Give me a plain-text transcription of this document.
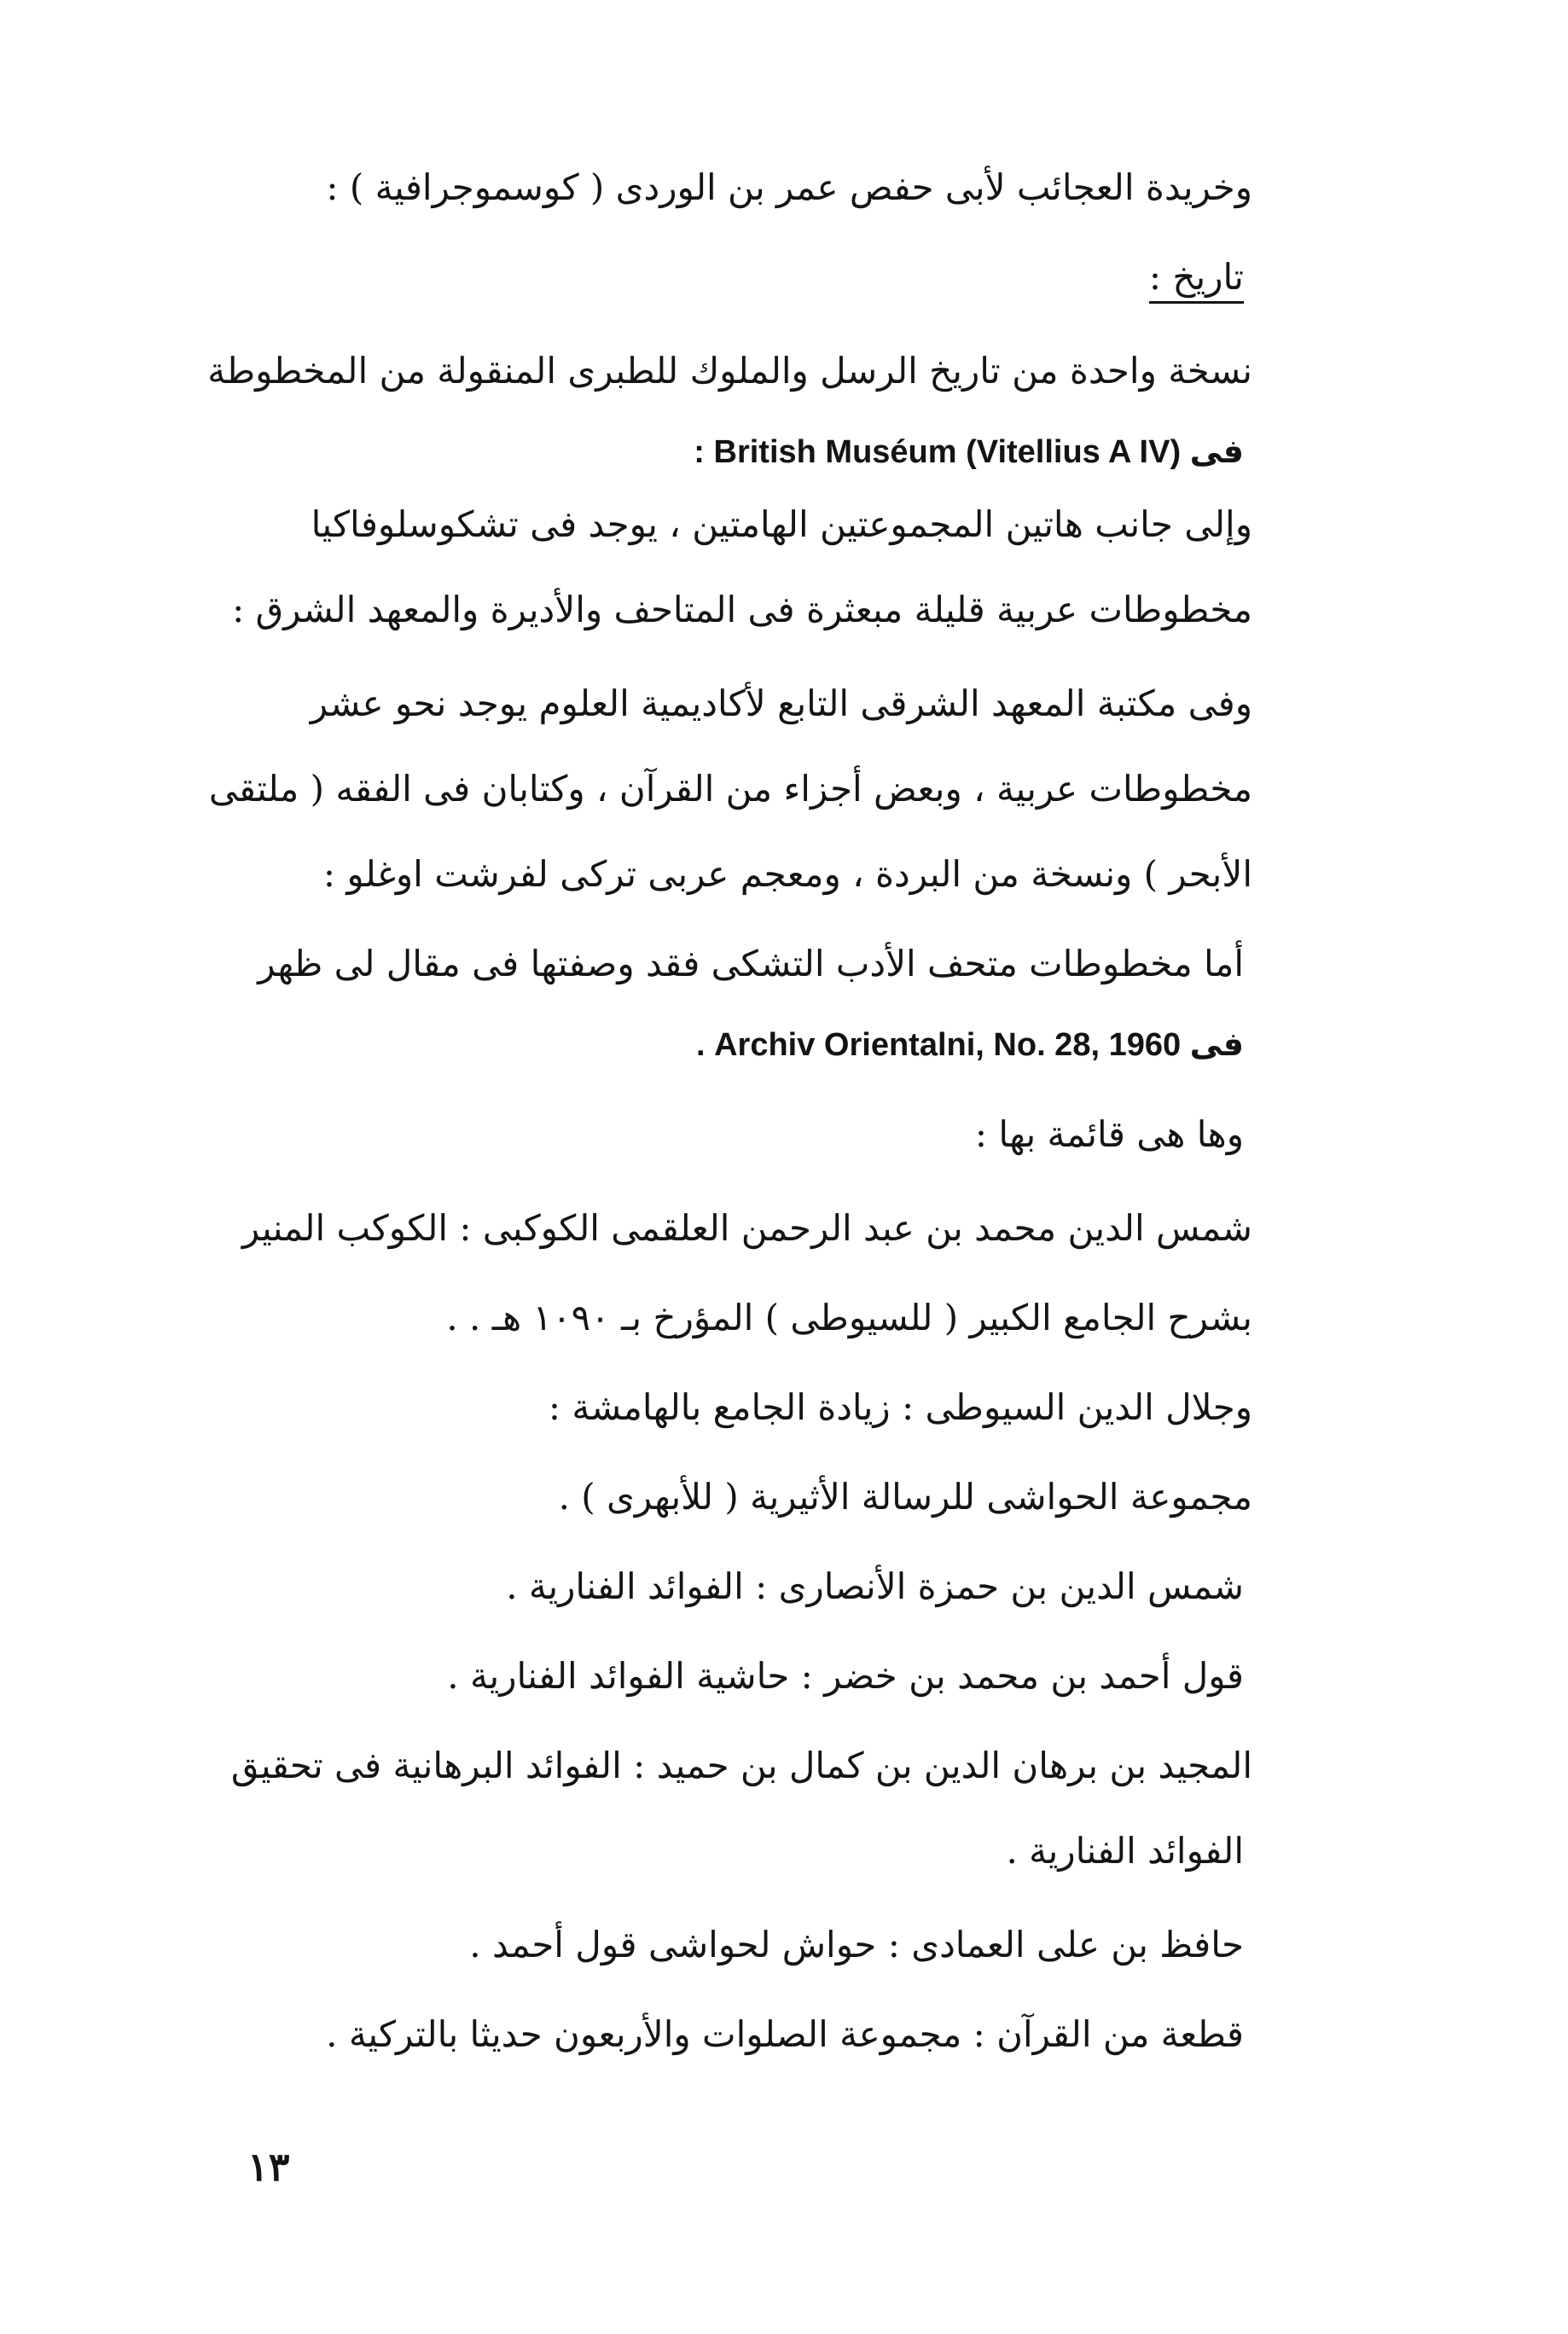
وخريدة العجائب لأبى حفص عمر بن الوردى ( كوسموجرافية ) :
تاريخ :
نسخة واحدة من تاريخ الرسل والملوك للطبرى المنقولة من المخطوطة
فى (Vitellius A IV) British Muséum :
وإلى جانب هاتين المجموعتين الهامتين ، يوجد فى تشكوسلوفاكيا
مخطوطات عربية قليلة مبعثرة فى المتاحف والأديرة والمعهد الشرق :
وفى مكتبة المعهد الشرقى التابع لأكاديمية العلوم يوجد نحو عشر
مخطوطات عربية ، وبعض أجزاء من القرآن ، وكتابان فى الفقه ( ملتقى
الأبحر ) ونسخة من البردة ، ومعجم عربى تركى لفرشت اوغلو :
أما مخطوطات متحف الأدب التشكى فقد وصفتها فى مقال لى ظهر
فى Archiv Orientalni, No. 28, 1960 .
وها هى قائمة بها :
شمس الدين محمد بن عبد الرحمن العلقمى الكوكبى : الكوكب المنير
بشرح الجامع الكبير ( للسيوطى ) المؤرخ بـ ١٠٩٠ هـ . .
وجلال الدين السيوطى : زيادة الجامع بالهامشة :
مجموعة الحواشى للرسالة الأثيرية ( للأبهرى ) .
شمس الدين بن حمزة الأنصارى : الفوائد الفنارية .
قول أحمد بن محمد بن خضر : حاشية الفوائد الفنارية .
المجيد بن برهان الدين بن كمال بن حميد : الفوائد البرهانية فى تحقيق
الفوائد الفنارية .
حافظ بن على العمادى : حواش لحواشى قول أحمد .
قطعة من القرآن : مجموعة الصلوات والأربعون حديثا بالتركية .
١٣
